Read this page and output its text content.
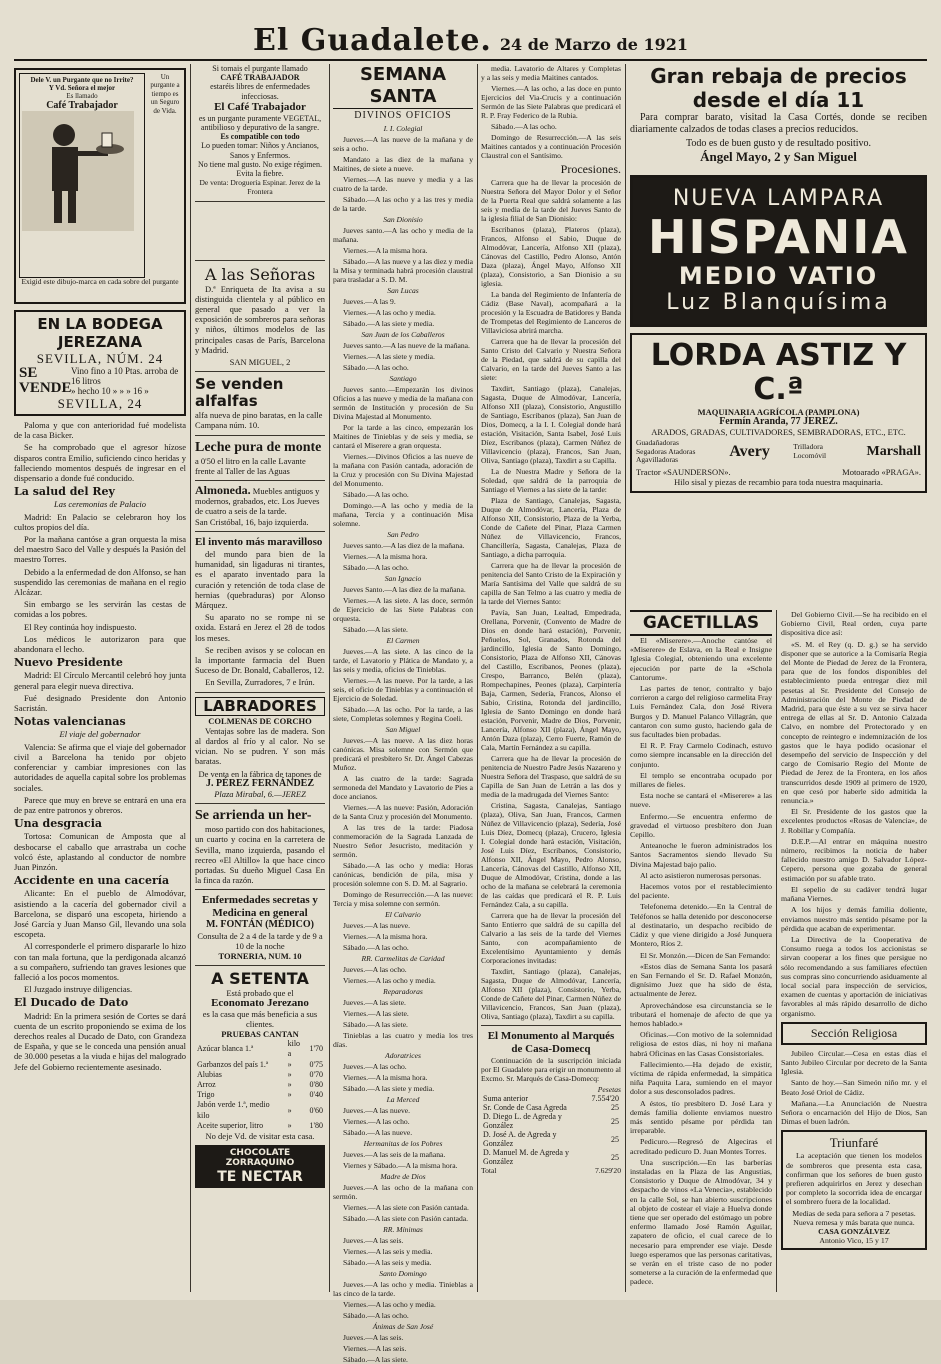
El Guadalete. 24 de Marzo de 1921
Dele V. un Purgante que no Irrite?
Y Vd. Señora el mejor
Es llamado
Café Trabajador
Un purgante a tiempo es un Seguro de Vida.
Exigid este dibujo-marca en cada sobre del purgante
EN LA BODEGA JEREZANA
SEVILLA, NÚM. 24
SE VENDE
Vino fino a 10 Ptas. arroba de 16 litros
» hecho 10 » » » 16 »
SEVILLA, 24
Paloma y que con anterioridad fué modelista de la casa Bicker.
Se ha comprobado que el agresor hízose disparos contra Emilio, suficiendo cinco heridas y falleciendo momentos después de ingresar en el dispensario a donde fué conducido.
La salud del Rey
Las ceremonias de Palacio
Madrid: En Palacio se celebraron hoy los cultos propios del día.
Por la mañana cantóse a gran orquesta la misa del maestro Saco del Valle y después la Pasión del maestro Torres.
Debido a la enfermedad de don Alfonso, se han suspendido las ceremonias de mañana en el regio Alcázar.
Sin embargo se les servirán las cestas de comidas a los pobres.
El Rey continúa hoy indispuesto.
Los médicos le autorizaron para que abandonara el lecho.
Nuevo Presidente
Madrid: El Círculo Mercantil celebró hoy junta general para elegir nueva directiva.
Fué designado Presidente don Antonio Sacristán.
Notas valencianas
El viaje del gobernador
Valencia: Se afirma que el viaje del gobernador civil a Barcelona ha tenido por objeto conferenciar y cambiar impresiones con las autoridades de aquella capital sobre los problemas sociales.
Parece que muy en breve se entrará en una era de paz entre patronos y obreros.
Una desgracia
Tortosa: Comunican de Amposta que al desbocarse el caballo que arrastraba un coche volcó éste, aplastando al conductor de nombre Juan Pinzón.
Accidente en una cacería
Alicante: En el pueblo de Almodóvar, asistiendo a la cacería del gobernador civil a Barcelona, se disparó una escopeta, hiriendo a José García y Juan Manso Gil, llevando una sola escopeta.
Al corresponderle el primero dispararle lo hizo con tan mala fortuna, que la perdigonada alcanzó a su compañero, sufriendo tan graves lesiones que falleció a los pocos momentos.
El Juzgado instruye diligencias.
El Ducado de Dato
Madrid: En la primera sesión de Cortes se dará cuenta de un escrito proponiendo se exima de los derechos reales al Ducado de Dato, con Grandeza de España, y que se le conceda una pensión anual de 30.000 pesetas a la viuda e hijas del malogrado Jefe del Gobierno recientemente asesinado.
Si tomais el purgante llamado
CAFÉ TRABAJADOR
estaréis libres de enfermedades infecciosas.
El Café Trabajador
es un purgante puramente VEGETAL, antibilioso y depurativo de la sangre.
Es compatible con todo
Lo pueden tomar: Niños y Ancianos, Sanos y Enfermos.
No tiene mal gusto. No exige régimen. Evita la fiebre.
De venta: Droguería Espinar. Jerez de la Frontera
A las Señoras
D.ª Enriqueta de Ita avisa a su distinguida clientela y al público en general que pasado a ver la exposición de sombreros para señoras y niños, últimos modelos de las principales casas de París, Barcelona y Madrid.
SAN MIGUEL, 2
Se venden alfalfas
alfa nueva de pino baratas, en la calle Campana núm. 10.
Leche pura de monte
a 0'50 el litro en la calle Lavante frente al Taller de las Aguas
Almoneda. Muebles antiguos y modernos, grabados, etc. Los Jueves de cuatro a seis de la tarde.
San Cristóbal, 16, bajo izquierda.
El invento más maravilloso
del mundo para bien de la humanidad, sin ligaduras ni tirantes, es el aparato inventado para la curación y retención de toda clase de hernias (quebraduras) por Alonso Márquez.
Su aparato no se rompe ni se oxida. Estará en Jerez el 28 de todos los meses.
Se reciben avisos y se colocan en la importante farmacia del Buen Suceso de Dr. Bonald, Caballeros, 12.
En Sevilla, Zurradores, 7 e Irún.
LABRADORES
COLMENAS DE CORCHO
Ventajas sobre las de madera. Son al dardos al frío y al calor. No se vician. No se pudren. Y son más baratas.
De venta en la fábrica de tapones de
J. PÉREZ FERNÁNDEZ
Plaza Mirabal, 6.—JEREZ
Se arrienda un her-
moso partido con dos habitaciones, un cuarto y cocina en la carretera de Sevilla, mano izquierda, pasando el recreo «El Altillo» la que hace cinco portadas. Su dueño Miguel Casa En la finca da razón.
Enfermedades secretas y Medicina en general
M. FONTÁN (MÉDICO)
Consulta de 2 a 4 de la tarde y de 9 a 10 de la noche
TORNERIA, NUM. 10
A SETENTA
Está probado que el
Economato Jerezano
es la casa que más beneficia a sus clientes.
PRUEBAS CANTAN
Azúcar blanca 1.ª	kilo a	1'70
Garbanzos del país 1.ª	»	0'75
Alubias	»	0'70
Arroz	»	0'80
Trigo	»	0'40
Jabón verde 1.ª, medio kilo	»	0'60
Aceite superior, litro	»	1'80
No deje Vd. de visitar esta casa.
CHOCOLATE ZORRAQUINO
TE NECTAR
SEMANA SANTA
DIVINOS OFICIOS
I. I. Colegial
Jueves.—A las nueve de la mañana y de seis a ocho.
Mandato a las diez de la mañana y Maitines, de siete a nueve.
Viernes.—A las nueve y media y a las cuatro de la tarde.
Sábado.—A las ocho y a las tres y media de la tarde.
San Dionisio
Jueves santo.—A las ocho y media de la mañana.
Viernes.—A la misma hora.
Sábado.—A las nueve y a las diez y media la Misa y terminada habrá procesión claustral para trasladar a S. D. M.
San Lucas
Jueves.—A las 9.
Viernes.—A las ocho y media.
Sábado.—A las siete y media.
San Juan de los Caballeros
Jueves santo.—A las nueve de la mañana.
Viernes.—A las siete y media.
Sábado.—A las ocho.
Santiago
Jueves santo.—Empezarán los divinos Oficios a las nueve y media de la mañana con sermón de Institución y procesión de Su Divina Majestad al Monumento.
Por la tarde a las cinco, empezarán los Maitines de Tinieblas y de seis y media, se cantará el Miserere a gran orquesta.
Viernes.—Divinos Oficios a las nueve de la mañana con Pasión cantada, adoración de la Cruz y procesión con Su Divina Majestad del Monumento.
Sábado.—A las ocho.
Domingo.—A las ocho y media de la mañana, Tercia y a continuación Misa solemne.
San Pedro
Jueves santo.—A las diez de la mañana.
Viernes.—A la misma hora.
Sábado.—A las ocho.
San Ignacio
Jueves Santo.—A las diez de la mañana.
Viernes.—A las siete. A las doce, sermón de Ejercicio de las Siete Palabras con orquesta.
Sábado.—A las siete.
El Carmen
Jueves.—A las siete. A las cinco de la tarde, el Lavatorio y Plática de Mandato y, a las seis y media, oficios de Tinieblas.
Viernes.—A las nueve. Por la tarde, a las seis, el oficio de Tinieblas y a continuación el Ejercicio de Soledad.
Sábado.—A las ocho. Por la tarde, a las siete, Completas solemnes y Regina Coeli.
San Miguel
Jueves.—A las nueve. A las diez horas canónicas. Misa solemne con Sermón que predicará el presbítero Sr. Dr. Ángel Cabezas Muñoz.
A las cuatro de la tarde: Sagrada sermoneda del Mandato y Lavatorio de Pies a doce ancianos.
Viernes.—A las nueve: Pasión, Adoración de la Santa Cruz y procesión del Monumento.
A las tres de la tarde: Piadosa conmemoración de la Sagrada Lanzada de Nuestro Señor Jesucristo, meditación y sermón.
Sábado.—A las ocho y media: Horas canónicas, bendición de pila, misa y procesión solemne con S. D. M. al Sagrario.
Domingo de Resurrección.—A las nueve: Tercia y misa solemne con sermón.
El Calvario
Jueves.—A las nueve.
Viernes.—A la misma hora.
Sábado.—A las ocho.
RR. Carmelitas de Caridad
Jueves.—A las ocho.
Viernes.—A las ocho y media.
Reparadoras
Jueves.—A las siete.
Viernes.—A las siete.
Sábado.—A las siete.
Tinieblas a las cuatro y media los tres días.
Adoratrices
Jueves.—A las ocho.
Viernes.—A la misma hora.
Sábado.—A las siete y media.
La Merced
Jueves.—A las nueve.
Viernes.—A las ocho.
Sábado.—A las nueve.
Hermanitas de los Pobres
Jueves.—A las seis de la mañana.
Viernes y Sábado.—A la misma hora.
Madre de Dios
Jueves.—A las ocho de la mañana con sermón.
Viernes.—A las siete con Pasión cantada.
Sábado.—A las siete con Pasión cantada.
RR. Mínimas
Jueves.—A las seis.
Viernes.—A las seis y media.
Sábado.—A las seis y media.
Santo Domingo
Jueves.—A las ocho y media. Tinieblas a las cinco de la tarde.
Viernes.—A las ocho y media.
Sábado.—A las ocho.
Ánimas de San José
Jueves.—A las seis.
Viernes.—A las seis.
Sábado.—A las siete.
media. Lavatorio de Altares y Completas y a las seis y media Maitines cantados.
Viernes.—A las ocho, a las doce en punto Ejercicios del Via-Crucis y a continuación Sermón de las Siete Palabras que predicará el R. P. Fray Federico de la Rubia.
Sábado.—A las ocho.
Domingo de Resurrección.—A las seis Maitines cantados y a continuación Procesión Claustral con el Santísimo.
Procesiones.
Carrera que ha de llevar la procesión de Nuestra Señora del Mayor Dolor y el Señor de la Puerta Real que saldrá solamente a las seis y media de la tarde del Jueves Santo de la iglesia filial de San Dionisio:
Escribanos (plaza), Plateros (plaza), Francos, Alfonso el Sabio, Duque de Almodóvar, Lancería, Alfonso XII (plaza), Cánovas del Castillo, Pedro Alonso, Antón Daza (plaza), Ángel Mayo, Alfonso XII (plaza), Consistorio, a San Dionisio a su iglesia.
La banda del Regimiento de Infantería de Cádiz (Base Naval), acompañará a la procesión y la Escuadra de Batidores y Banda de Trompetas del Regimiento de Lanceros de Villaviciosa abrirá marcha.
Carrera que ha de llevar la procesión del Santo Cristo del Calvario y Nuestra Señora de la Piedad, que saldrá de su capilla del Calvario, en la tarde del Jueves Santo a las siete:
Taxdirt, Santiago (plaza), Canalejas, Sagasta, Duque de Almodóvar, Lancería, Alfonso XII (plaza), Consistorio, Angustillo de Santiago, Escribanos (plaza), San Juan de Dios, Domecq, a la I. I. Colegial donde hará estación, Visitación, Santa Isabel, José Luis Díez, Escribanos (plaza), Carmen Núñez de Villavicencio (plaza), Francos, San Juan, Oliva, Santiago (plaza), Taxdirt a su Capilla.
La de Nuestra Madre y Señora de la Soledad, que saldrá de la parroquia de Santiago el Viernes a las siete de la tarde:
Plaza de Santiago, Canalejas, Sagasta, Duque de Almodóvar, Lancería, Plaza de Alfonso XII, Consistorio, Plaza de la Yerba, Conde de Cañete del Pinar, Plaza Carmen Núñez de Villavicencio, Francos, Chancillería, Sagasta, Canalejas, Plaza de Santiago, a dicha parroquia.
Carrera que ha de llevar la procesión de penitencia del Santo Cristo de la Expiración y María Santísima del Valle que saldrá de su capilla de San Telmo a las cuatro y media de la tarde del Viernes Santo:
Pavía, San Juan, Lealtad, Empedrada, Orellana, Porvenir, (Convento de Madre de Dios en donde hará estación), Porvenir, Peñuelos, Sol, Granados, Rotonda del jardincillo, Iglesia de Santo Domingo, Consistorio, Plaza de Alfonso XII, Cánovas del Castillo, Escribanos, Peones (plaza), Crespo, Barranco, Belén (plaza), Rompechapines, Peones (plaza), Carpintería Baja, Carmen, Sedería, Francos, Alonso el Sabio, Cristina, Rotonda del jardincillo, Iglesia de Santo Domingo en donde hará estación, Porvenir, Madre de Dios, Porvenir, Lancería, Alfonso XII (plaza), Ángel Mayo, Antón Daza (plaza), Cerro Fuerte, Ramón de Cala, Martín Fernández a su capilla.
Carrera que ha de llevar la procesión de penitencia de Nuestro Padre Jesús Nazareno y Nuestra Señora del Traspaso, que saldrá de su Capilla de San Juan de Letrán a las dos y media de la madrugada del Viernes Santo:
Cristina, Sagasta, Canalejas, Santiago (plaza), Oliva, San Juan, Francos, Carmen Núñez de Villavicencio (plaza), Sedería, José Luis Díez, Domecq (plaza), Crucero, Iglesia I. Colegial donde hará estación, Visitación, José Luis Díez, Escribanos, Consistorio, Alfonso XII, Ángel Mayo, Pedro Alonso, Lancería, Cánovas del Castillo, Alfonso XII, Duque de Almodóvar, Cristina, donde a las ocho de la mañana se celebrará la ceremonia de las caídas que predicará el R. P. Luis Fernández Cala, a su capilla.
Carrera que ha de llevar la procesión del Santo Entierro que saldrá de su capilla del Calvario a las seis de la tarde del Viernes Santo, con acompañamiento de Excelentísimo Ayuntamiento y demás Corporaciones invitadas:
Taxdirt, Santiago (plaza), Canalejas, Sagasta, Duque de Almodóvar, Lancería, Alfonso XII (plaza), Consistorio, Yerba, Conde de Cañete del Pinar, Carmen Núñez de Villavicencio, Francos, San Juan (plaza), Oliva, Santiago (plaza), Taxdirt a su capilla.
El Monumento al Marqués de Casa-Domecq
Continuación de la suscripción iniciada por El Guadalete para erigir un monumento al Excmo. Sr. Marqués de Casa-Domecq:
Pesetas
Suma anterior	7.554'20
Sr. Conde de Casa Agreda	25
D. Diego L. de Agreda y González	25
D. José A. de Agreda y González	25
D. Manuel M. de Agreda y González	25
Total	7.629'20
Gran rebaja de precios desde el día 11
Para comprar barato, visitad la Casa Cortés, donde se reciben diariamente calzados de todas clases a precios reducidos.
Todo es de buen gusto y de resultado positivo.
Ángel Mayo, 2 y San Miguel
NUEVA LAMPARA
HISPANIA
MEDIO VATIO
Luz Blanquísima
LORDA ASTIZ Y C.ª
MAQUINARIA AGRÍCOLA (PAMPLONA)
Fermín Aranda, 77 JEREZ.
ARADOS, GRADAS, CULTIVADORES, SEMBRADORAS, ETC., ETC.
Guadañadoras Segadoras Atadoras Agavilladoras	Avery	Trilladora Locomóvil	Marshall
Tractor «SAUNDERSON».	Motoarado «PRAGA».
Hilo sisal y piezas de recambio para toda nuestra maquinaria.
GACETILLAS
El «Miserere».—Anoche cantóse el «Miserere» de Eslava, en la Real e Insigne Iglesia Colegial, obteniendo una excelente ejecución por parte de la «Schola Cantorum».
Las partes de tenor, contralto y bajo corrieron a cargo del religioso carmelita Fray Luis Fernández Cala, don José Rivera Burgos y D. Manuel Palanco Villagrán, que cantaron con sumo gusto, haciendo gala de sus facultades bien probadas.
El R. P. Fray Carmelo Codinach, estuvo como siempre incansable en la dirección del conjunto.
El templo se encontraba ocupado por millares de fieles.
Esta noche se cantará el «Miserere» a las nueve.
Enfermo.—Se encuentra enfermo de gravedad el virtuoso presbítero don Juan Cepillo.
Anteanoche le fueron administrados los Santos Sacramentos siendo llevado Su Divina Majestad bajo palio.
Al acto asistieron numerosas personas.
Hacemos votos por el restablecimiento del paciente.
Telefonema detenido.—En la Central de Teléfonos se halla detenido por desconocerse al destinatario, un despacho recibido de Cádiz y que viene dirigido a José Junquera Montero, Ríos 2.
El Sr. Monzón.—Dicen de San Fernando:
«Estos días de Semana Santa los pasará en San Fernando el Sr. D. Rafael Monzón, dignísimo Juez que ha sido de ésta, actualmente de Jerez.
Aprovechándose esa circunstancia se le tributará el homenaje de afecto de que ya hemos hablado.»
Oficinas.—Con motivo de la solemnidad religiosa de estos días, ni hoy ni mañana habrá Oficinas en las Casas Consistoriales.
Fallecimiento.—Ha dejado de existir, víctima de rápida enfermedad, la simpática niña Paquita Lara, sumiendo en el mayor dolor a sus desconsolados padres.
A éstos, tío presbítero D. José Lara y demás familia doliente enviamos nuestro más sentido pésame por pérdida tan irreparable.
Pedicuro.—Regresó de Algeciras el acreditado pedicuro D. Juan Montes Torres.
Una suscripción.—En las barberías instaladas en la Plaza de las Angustias, Consistorio y Duque de Almodóvar, 34 y despacho de vinos «La Venecia», establecido en la calle Sol, se han abierto suscripciones al objeto de costear el viaje a Huelva donde tiene que ser operado del estómago un pobre enfermo llamado José Ramón Aguilar, zapatero de oficio, el cual carece de lo necesario para emprender ese viaje. Desde luego esperamos que las personas caritativas, se verán en el triste caso de no poder someterse a la curación de la enfermedad que padece.
Del Gobierno Civil.—Se ha recibido en el Gobierno Civil, Real orden, cuya parte dispositiva dice así:
«S. M. el Rey (q. D. g.) se ha servido disponer que se autorice a la Comisaría Regia del Monte de Piedad de Jerez de la Frontera, para que de los fondos disponibles del establecimiento pueda entregar diez mil pesetas al Sr. Presidente del Consejo de Administración del Monte de Piedad de Madrid, para que éste a su vez se sirva hacer entrega de ellas al Sr. D. Antonio Calzada Calvo, en nombre del Protectorado y en concepto de reintegro e indemnización de los gastos que le haya podido ocasionar el desempeño del servicio de Inspección y del cargo de Comisario Regio del Monte de Piedad de Jerez de la Frontera, en los años transcurridos desde 1909 al primero de 1920, en que cesó por haberle sido admitida la renuncia.»
El Sr. Presidente de los gastos que la excelentes productos «Rosas de Valencia», de J. Robillar y Compañía.
D.E.P.—Al entrar en máquina nuestro número, recibimos la noticia de haber fallecido nuestro amigo D. Salvador López-Cepero, persona que gozaba de general estimación por su afable trato.
El sepelio de su cadáver tendrá lugar mañana Viernes.
A los hijos y demás familia doliente, enviamos nuestro más sentido pésame por la pérdida que acaban de experimentar.
La Directiva de la Cooperativa de Consumo ruega a todos los accionistas se sirvan cooperar a los fines que persigue no sólo recomendando a sus familiares efectúen sus compras sino concurriendo asiduamente al local social para inspección de servicios, examen de cuentas y aportación de iniciativas favorables al más rápido desarrollo de dicho organismo.
Sección Religiosa
Jubileo Circular.—Cesa en estas días el Santo Jubileo Circular por decreto de la Santa Iglesia.
Santo de hoy.—San Simeón niño mr. y el Beato José Oriol de Cádiz.
Mañana.—La Anunciación de Nuestra Señora o encarnación del Hijo de Dios, San Dimas el buen ladrón.
Triunfaré
La aceptación que tienen los modelos de sombreros que presenta esta casa, confirman que los señores de buen gusto prefieren adquirirlos en Jerez y desechan por completo la socorrida idea de encargar el sombrero fuera de la localidad.
Medias de seda para señora a 7 pesetas.
Nueva remesa y más barata que nunca.
CASA GONZÁLVEZ
Antonio Vico, 15 y 17
